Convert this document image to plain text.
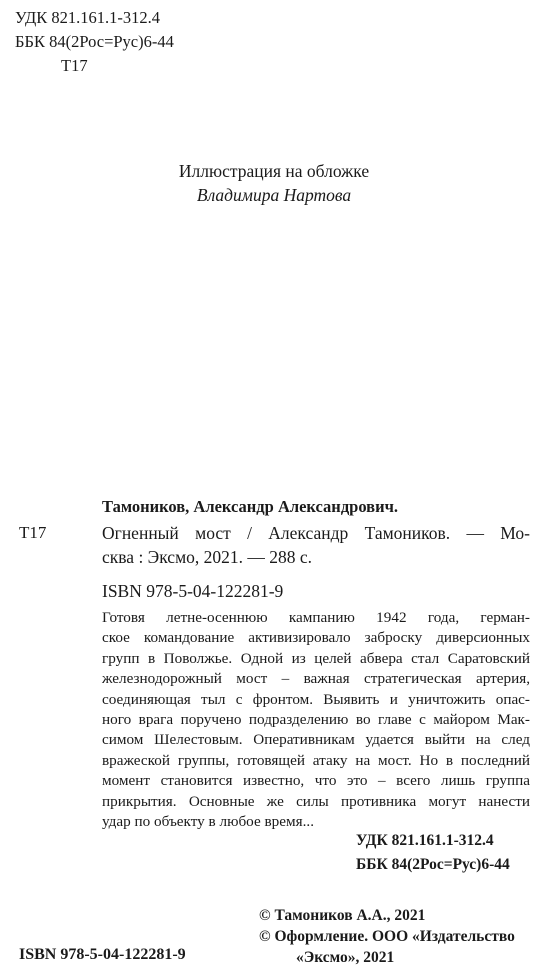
УДК 821.161.1-312.4
ББК 84(2Рос=Рус)6-44
Т17
Иллюстрация на обложке
Владимира Нартова
Тамоников, Александр Александрович.
Т17	Огненный мост / Александр Тамоников. — Мо-
сква : Эксмо, 2021. — 288 с.
ISBN 978-5-04-122281-9
Готовя летне-осеннюю кампанию 1942 года, герман-
ское командование активизировало заброску диверсионных
групп в Поволжье. Одной из целей абвера стал Саратовский
железнодорожный мост – важная стратегическая артерия,
соединяющая тыл с фронтом. Выявить и уничтожить опас-
ного врага поручено подразделению во главе с майором Мак-
симом Шелестовым. Оперативникам удается выйти на след
вражеской группы, готовящей атаку на мост. Но в последний
момент становится известно, что это – всего лишь группа
прикрытия. Основные же силы противника могут нанести
удар по объекту в любое время...
УДК 821.161.1-312.4
ББК 84(2Рос=Рус)6-44
© Тамоников А.А., 2021
© Оформление. ООО «Издательство
«Эксмо», 2021
ISBN 978-5-04-122281-9
